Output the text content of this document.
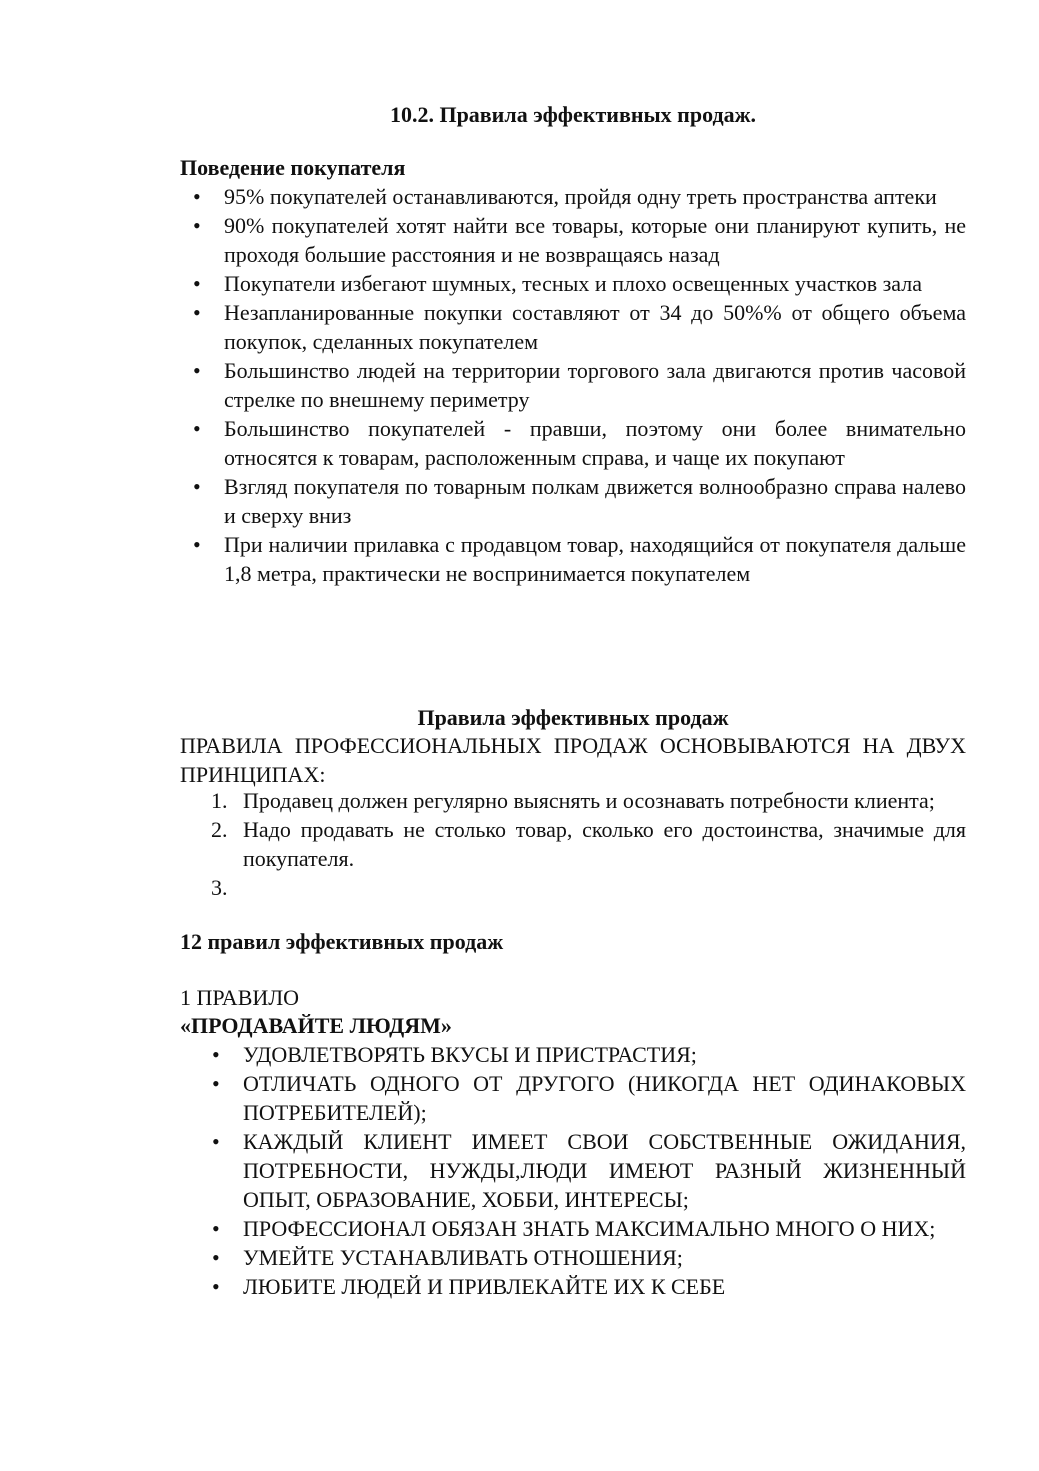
10.2. Правила эффективных продаж.
Поведение покупателя
• 95% покупателей останавливаются, пройдя одну треть пространства аптеки
• 90% покупателей хотят найти все товары, которые они планируют купить, не проходя большие расстояния и не возвращаясь назад
• Покупатели избегают шумных, тесных и плохо освещенных участков зала
• Незапланированные покупки составляют от 34 до 50%% от общего объема покупок, сделанных покупателем
• Большинство людей на территории торгового зала двигаются против часовой стрелке по внешнему периметру
• Большинство покупателей - правши, поэтому они более внимательно относятся к товарам, расположенным справа, и чаще их покупают
• Взгляд покупателя по товарным полкам движется волнообразно справа налево и сверху вниз
• При наличии прилавка с продавцом товар, находящийся от покупателя дальше 1,8 метра, практически не воспринимается покупателем
Правила эффективных продаж
ПРАВИЛА ПРОФЕССИОНАЛЬНЫХ ПРОДАЖ ОСНОВЫВАЮТСЯ НА ДВУХ ПРИНЦИПАХ:
1. Продавец должен регулярно выяснять и осознавать потребности клиента;
2. Надо продавать не столько товар, сколько его достоинства, значимые для покупателя.
3.
12 правил эффективных продаж
1 ПРАВИЛО
«ПРОДАВАЙТЕ ЛЮДЯМ»
• УДОВЛЕТВОРЯТЬ ВКУСЫ И ПРИСТРАСТИЯ;
• ОТЛИЧАТЬ ОДНОГО ОТ ДРУГОГО (НИКОГДА НЕТ ОДИНАКОВЫХ ПОТРЕБИТЕЛЕЙ);
• КАЖДЫЙ КЛИЕНТ ИМЕЕТ СВОИ СОБСТВЕННЫЕ ОЖИДАНИЯ, ПОТРЕБНОСТИ, НУЖДЫ,ЛЮДИ ИМЕЮТ РАЗНЫЙ ЖИЗНЕННЫЙ ОПЫТ, ОБРАЗОВАНИЕ, ХОББИ, ИНТЕРЕСЫ;
• ПРОФЕССИОНАЛ ОБЯЗАН ЗНАТЬ МАКСИМАЛЬНО МНОГО О НИХ;
• УМЕЙТЕ УСТАНАВЛИВАТЬ ОТНОШЕНИЯ;
• ЛЮБИТЕ ЛЮДЕЙ И ПРИВЛЕКАЙТЕ ИХ К СЕБЕ
